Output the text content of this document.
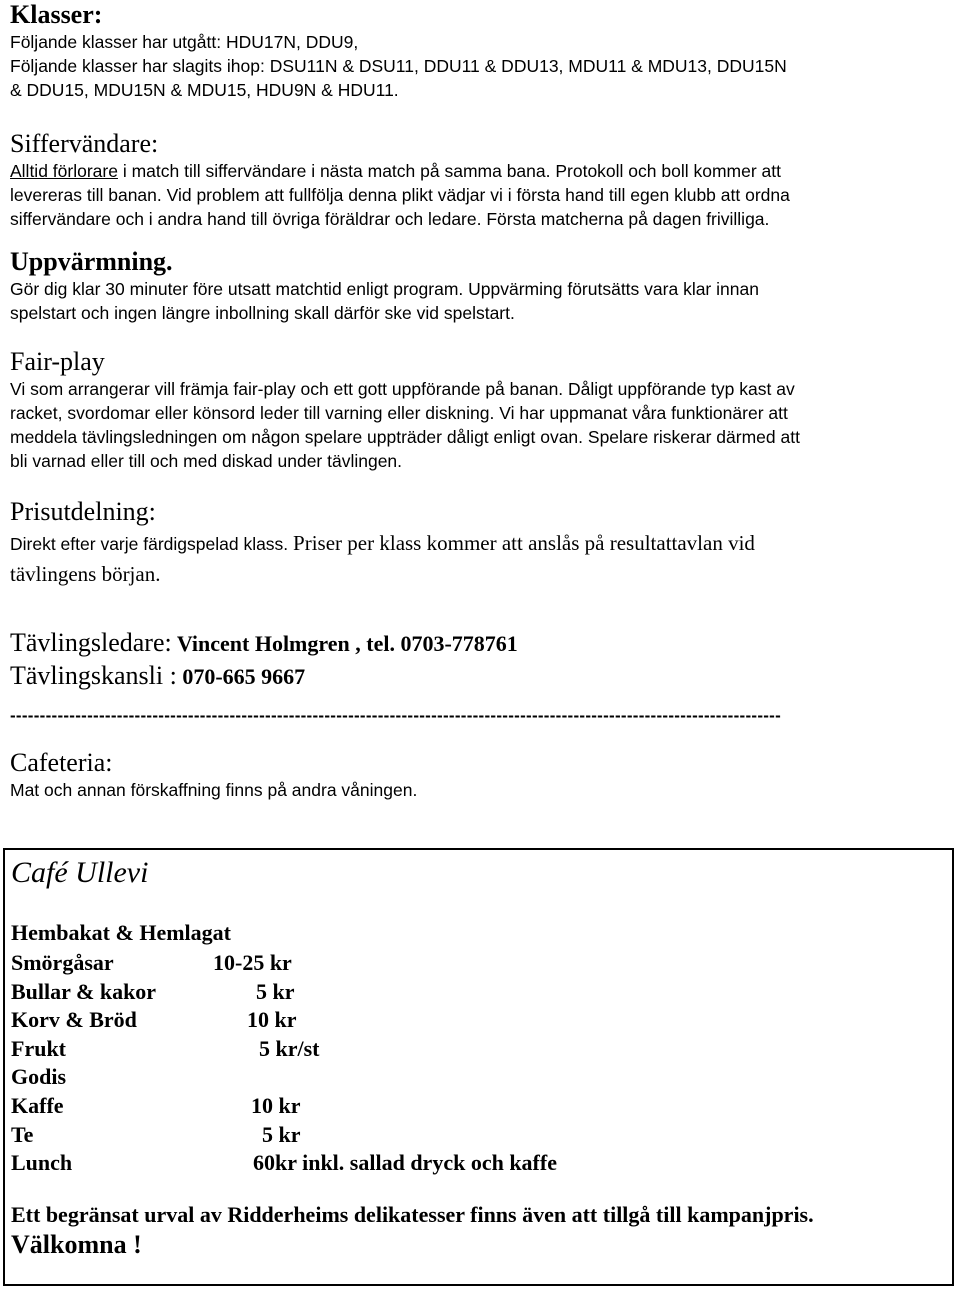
Klasser:
Följande klasser har utgått: HDU17N, DDU9,
Följande klasser har slagits ihop: DSU11N & DSU11, DDU11 & DDU13, MDU11 & MDU13, DDU15N
& DDU15, MDU15N & MDU15, HDU9N & HDU11.
Siffervändare:
Alltid förlorare i match till siffervändare i nästa match på samma bana. Protokoll och boll kommer att
levereras till banan. Vid problem att fullfölja denna plikt vädjar vi i första hand till egen klubb att ordna
siffervändare och i andra hand till övriga föräldrar och ledare. Första matcherna på dagen frivilliga.
Uppvärmning.
Gör dig klar 30 minuter före utsatt matchtid enligt program. Uppvärming förutsätts vara klar innan
spelstart och ingen längre inbollning skall därför ske vid spelstart.
Fair-play
Vi som arrangerar vill främja fair-play och ett gott uppförande på banan. Dåligt uppförande typ kast av
racket, svordomar eller könsord leder till varning eller diskning. Vi har uppmanat våra funktionärer att
meddela tävlingsledningen om någon spelare uppträder dåligt enligt ovan. Spelare riskerar därmed att
bli varnad eller till och med diskad under tävlingen.
Prisutdelning:
Direkt efter varje färdigspelad klass. Priser per klass kommer att anslås på resultattavlan vid
tävlingens början.
Tävlingsledare: Vincent Holmgren , tel. 0703-778761
Tävlingskansli : 070-665 9667
----------------------------------------------------------------------------------------------------------------------------------
Cafeteria:
Mat och annan förskaffning finns på andra våningen.
Café Ullevi
Hembakat & Hemlagat
Smörgåsar	10-25 kr
Bullar & kakor	5 kr
Korv & Bröd	10 kr
Frukt	5 kr/st
Godis
Kaffe	10 kr
Te	5 kr
Lunch	60kr inkl. sallad dryck och kaffe
Ett begränsat urval av Ridderheims delikatesser finns även att tillgå till kampanjpris.
Välkomna !
